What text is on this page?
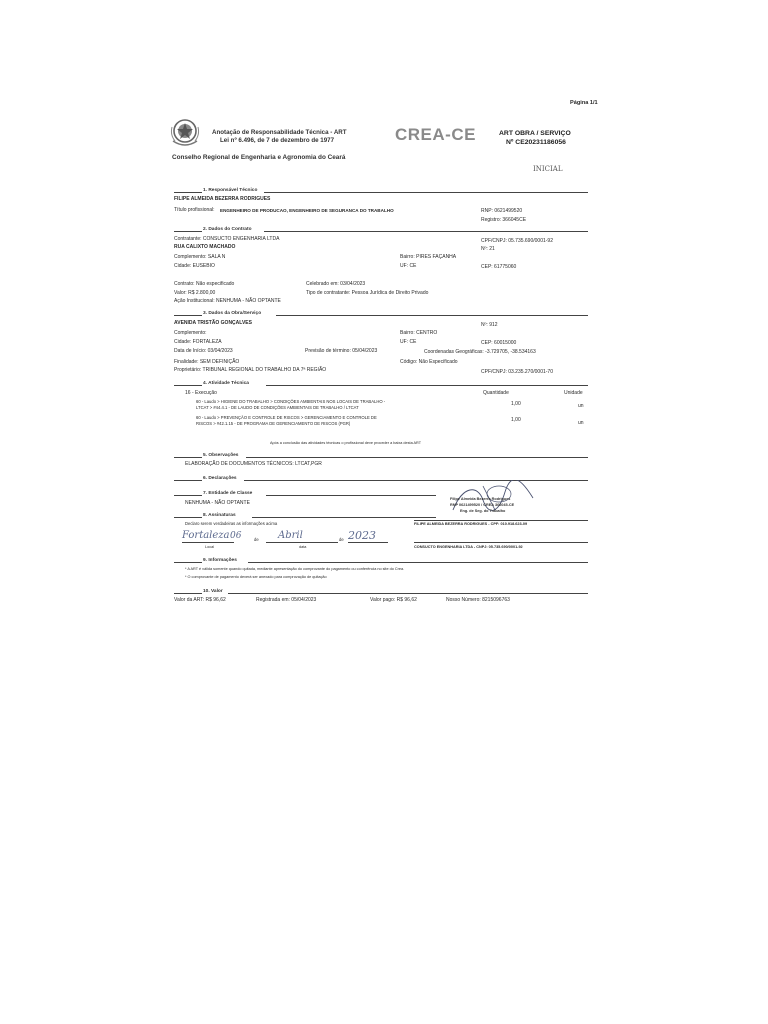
Página 1/1
Anotação de Responsabilidade Técnica - ART
Lei nº 6.496, de 7 de dezembro de 1977	CREA-CE	ART OBRA / SERVIÇO
Nº CE20231186056
Conselho Regional de Engenharia e Agronomia do Ceará
INICIAL
1. Responsável Técnico
FILIPE ALMEIDA BEZERRA RODRIGUES
Título profissional: ENGENHEIRO DE PRODUCAO, ENGENHEIRO DE SEGURANCA DO TRABALHO	RNP: 0621499520
Registro: 366045CE
2. Dados do Contrato
Contratante: CONSUCTO ENGENHARIA LTDA	CPF/CNPJ: 05.735.690/0001-92
RUA CALIXTO MACHADO	Nº: 21
Complemento: SALA N	Bairro: PIRES FAÇANHA
Cidade: EUSEBIO	UF: CE	CEP: 61775060
Contrato: Não especificado	Celebrado em: 03/04/2023
Valor: R$ 2.800,00	Tipo de contratante: Pessoa Jurídica de Direito Privado
Ação Institucional: NENHUMA - NÃO OPTANTE
3. Dados da Obra/Serviço
AVENIDA TRISTÃO GONÇALVES	Nº: 912
Complemento:	Bairro: CENTRO
Cidade: FORTALEZA	UF: CE	CEP: 60015000
Data de Início: 03/04/2023	Previsão de término: 05/04/2023	Coordenadas Geográficas: -3.729705, -38.534163
Finalidade: SEM DEFINIÇÃO	Código: Não Especificado
Proprietário: TRIBUNAL REGIONAL DO TRABALHO DA 7ª REGIÃO	CPF/CNPJ: 03.235.270/0001-70
4. Atividade Técnica
16 - Execução	Quantidade	Unidade
60 - Laudo > HIGIENE DO TRABALHO > CONDIÇÕES AMBIENTAIS NOS LOCAIS DE TRABALHO -
LTCAT > #44.4.1 - DE LAUDO DE CONDIÇÕES AMBIENTAIS DE TRABALHO / LTCAT
1,00	un
60 - Laudo > PREVENÇÃO E CONTROLE DE RISCOS > GERENCIAMENTO E CONTROLE DE
RISCOS > #42.1.15 - DE PROGRAMA DE GERENCIAMENTO DE RISCOS (PGR)
1,00	un
Após a conclusão das atividades técnicas o profissional deve proceder a baixa desta ART
5. Observações
ELABORAÇÃO DE DOCUMENTOS TÉCNICOS: LTCAT,PGR
6. Declarações
7. Entidade de Classe
NENHUMA - NÃO OPTANTE
Filipe Almeida Bezerra Rodrigues
RNP 0621499520 / CREA 366045-CE
Eng. de Seg. do Trabalho
8. Assinaturas
Declaro serem verdadeiras as informações acima	FILIPE ALMEIDA BEZERRA RODRIGUES - CPF: 010.918.623-09
Fortaleza 06	de Abril	de 2023
Local	data	CONSUCTO ENGENHARIA LTDA - CNPJ: 05.735.690/0001-92
9. Informações
* A ART é válida somente quando quitada, mediante apresentação do comprovante do pagamento ou conferência no site do Crea.
* O comprovante de pagamento deverá ser anexado para comprovação de quitação
10. Valor
Valor da ART: R$ 96,62	Registrada em: 05/04/2023	Valor pago: R$ 96,62	Nosso Número: 8215096763
